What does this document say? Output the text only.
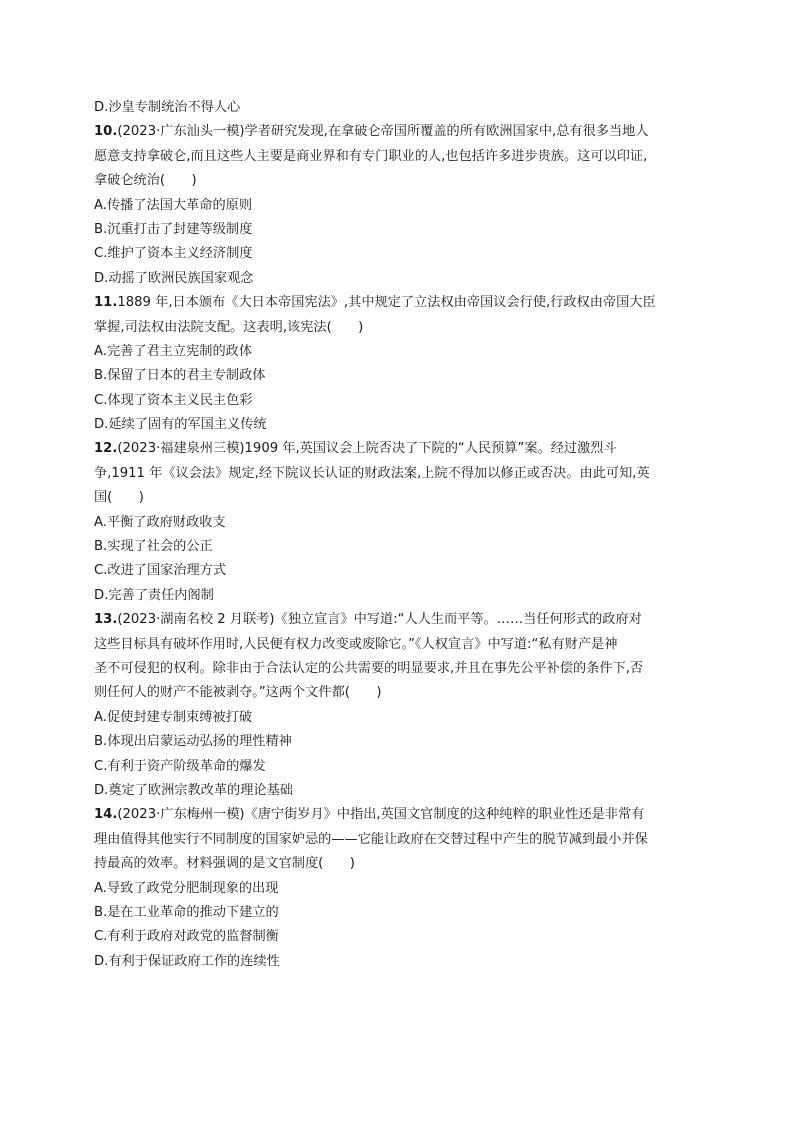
D.沙皇专制统治不得人心
10.(2023·广东汕头一模)学者研究发现,在拿破仑帝国所覆盖的所有欧洲国家中,总有很多当地人
愿意支持拿破仑,而且这些人主要是商业界和有专门职业的人,也包括许多进步贵族。这可以印证,
拿破仑统治(　　)
A.传播了法国大革命的原则
B.沉重打击了封建等级制度
C.维护了资本主义经济制度
D.动摇了欧洲民族国家观念
11.1889 年,日本颁布《大日本帝国宪法》,其中规定了立法权由帝国议会行使,行政权由帝国大臣
掌握,司法权由法院支配。这表明,该宪法(　　)
A.完善了君主立宪制的政体
B.保留了日本的君主专制政体
C.体现了资本主义民主色彩
D.延续了固有的军国主义传统
12.(2023·福建泉州三模)1909 年,英国议会上院否决了下院的“人民预算”案。经过激烈斗
争,1911 年《议会法》规定,经下院议长认证的财政法案,上院不得加以修正或否决。由此可知,英
国(　　)
A.平衡了政府财政收支
B.实现了社会的公正
C.改进了国家治理方式
D.完善了责任内阁制
13.(2023·湖南名校 2 月联考)《独立宣言》中写道:“人人生而平等。……当任何形式的政府对
这些目标具有破坏作用时,人民便有权力改变或废除它。”《人权宣言》中写道:“私有财产是神
圣不可侵犯的权利。除非由于合法认定的公共需要的明显要求,并且在事先公平补偿的条件下,否
则任何人的财产不能被剥夺。”这两个文件都(　　)
A.促使封建专制束缚被打破
B.体现出启蒙运动弘扬的理性精神
C.有利于资产阶级革命的爆发
D.奠定了欧洲宗教改革的理论基础
14.(2023·广东梅州一模)《唐宁街岁月》中指出,英国文官制度的这种纯粹的职业性还是非常有
理由值得其他实行不同制度的国家妒忌的——它能让政府在交替过程中产生的脱节减到最小并保
持最高的效率。材料强调的是文官制度(　　)
A.导致了政党分肥制现象的出现
B.是在工业革命的推动下建立的
C.有利于政府对政党的监督制衡
D.有利于保证政府工作的连续性
